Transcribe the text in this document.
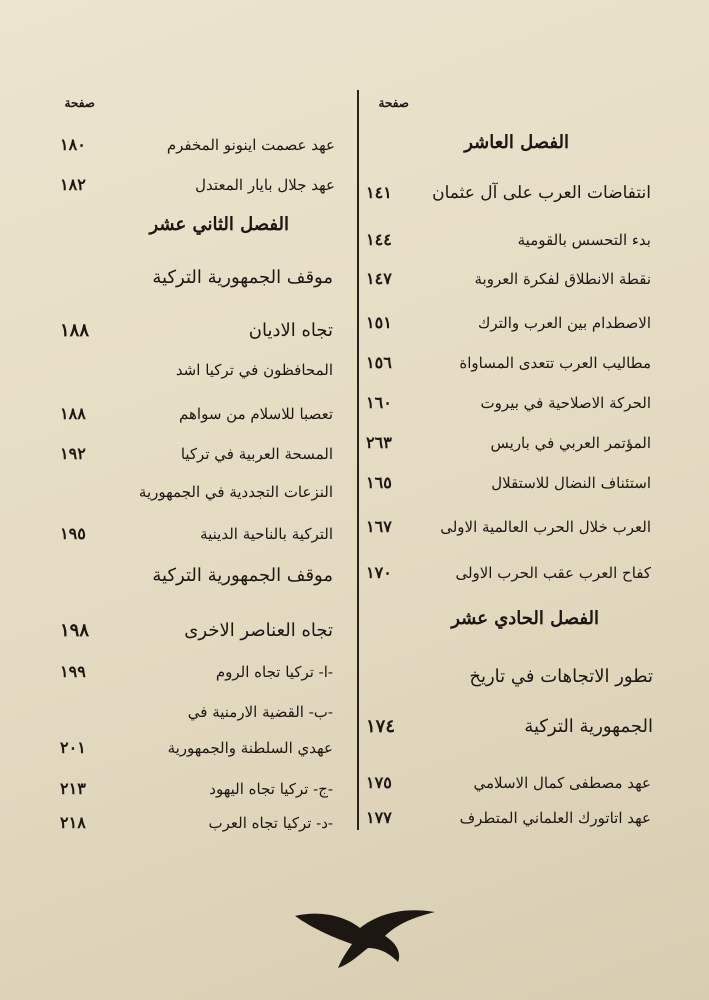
صفحة
الفصل العاشر
انتفاضات العرب على آل عثمان
١٤١
بدء التحسس بالقومية
١٤٤
نقطة الانطلاق لفكرة العروبة
١٤٧
الاصطدام بين العرب والترك
١٥١
مطاليب العرب تتعدى المساواة
١٥٦
الحركة الاصلاحية في بيروت
١٦٠
المؤتمر العربي في باريس
٢٦٣
استئناف النضال للاستقلال
١٦٥
العرب خلال الحرب العالمية الاولى
١٦٧
كفاح العرب عقب الحرب الاولى
١٧٠
الفصل الحادي عشر
تطور الاتجاهات في تاريخ
الجمهورية التركية
١٧٤
عهد مصطفى كمال الاسلامي
١٧٥
عهد اتاتورك العلماني المتطرف
١٧٧
صفحة
عهد عصمت اينونو المخفرم
١٨٠
عهد جلال بايار المعتدل
١٨٢
الفصل الثاني عشر
موقف الجمهورية التركية
تجاه الاديان
١٨٨
المحافظون في تركيا اشد
تعصبا للاسلام من سواهم
١٨٨
المسحة العربية في تركيا
١٩٢
النزعات التجددية في الجمهورية
التركية بالناحية الدينية
١٩٥
موقف الجمهورية التركية
تجاه العناصر الاخرى
١٩٨
-ا- تركيا تجاه الروم
١٩٩
-ب- القضية الارمنية في
عهدي السلطنة والجمهورية
٢٠١
-ج- تركيا تجاه اليهود
٢١٣
-د- تركيا تجاه العرب
٢١٨
